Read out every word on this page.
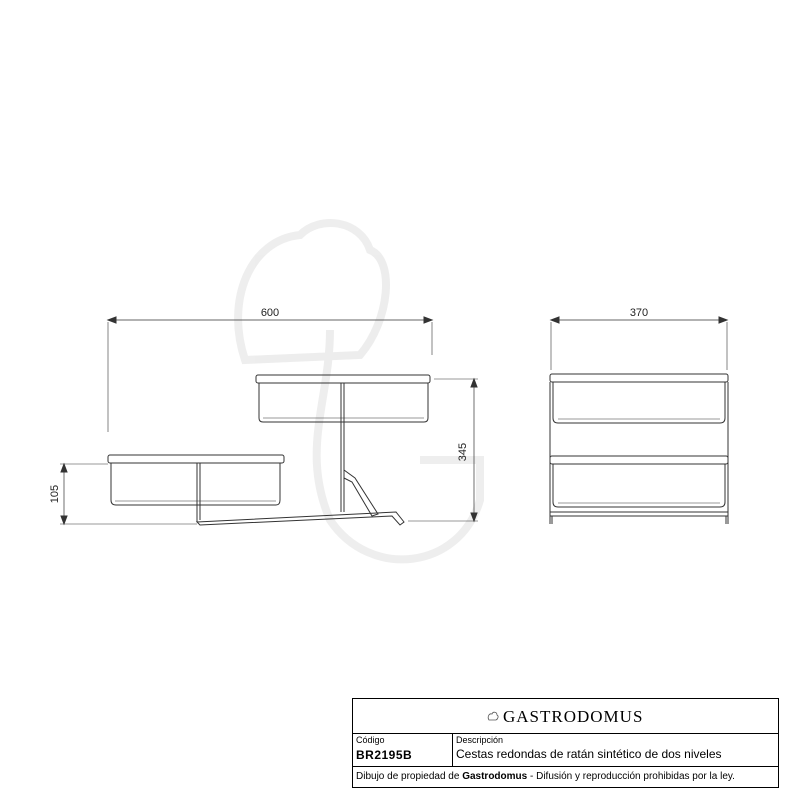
600	370
345
105
GASTRODOMUS
Código
BR2195B
Descripción
Cestas redondas de ratán sintético de dos niveles
Dibujo de propiedad de Gastrodomus - Difusión y reproducción prohibidas por la ley.
